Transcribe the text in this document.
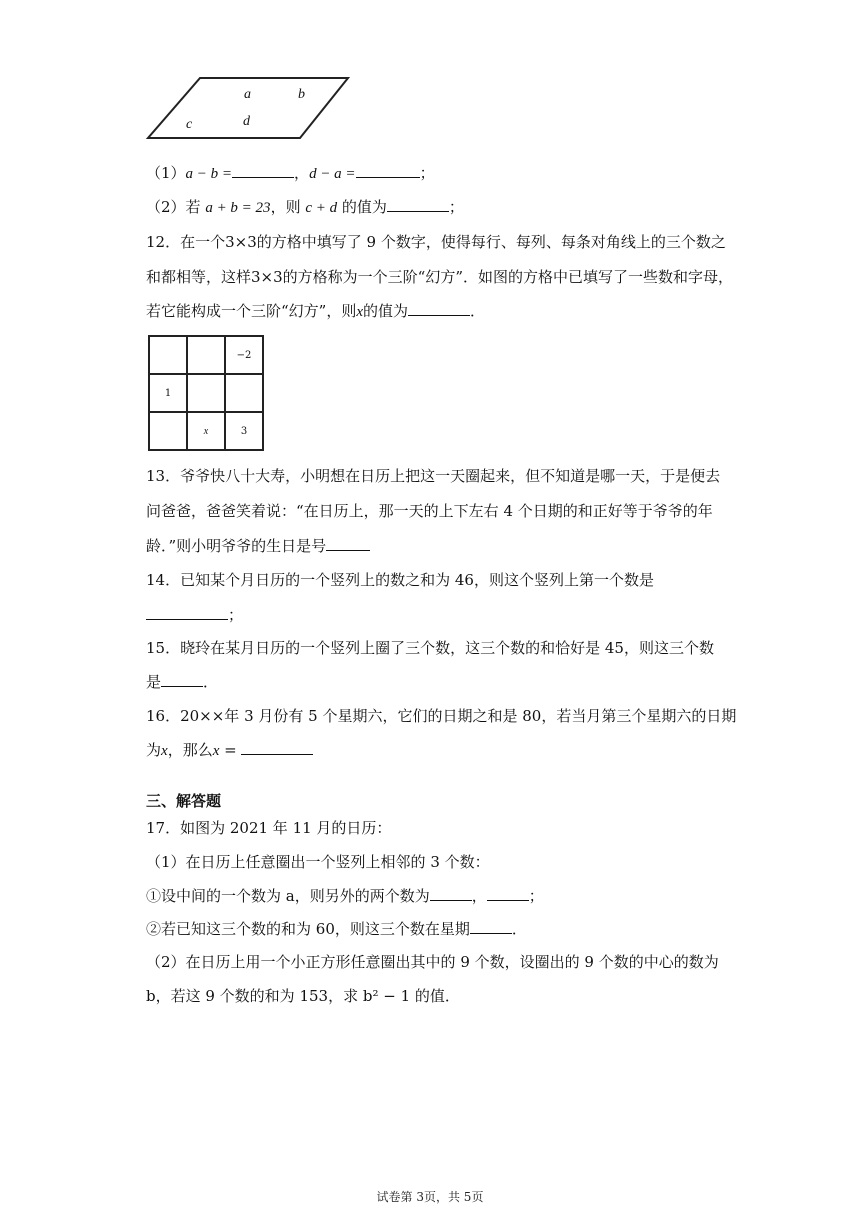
a	b
c	d
（1）a − b =	，d − a =	；
（2）若 a + b = 23，则 c + d 的值为	；
12．在一个3×3的方格中填写了 9 个数字，使得每行、每列、每条对角线上的三个数之
和都相等，这样3×3的方格称为一个三阶“幻方”．如图的方格中已填写了一些数和字母，
若它能构成一个三阶“幻方”，则x的值为	．
		−2
1		
	x	3
13．爷爷快八十大寿，小明想在日历上把这一天圈起来，但不知道是哪一天，于是便去
问爸爸，爸爸笑着说：“在日历上，那一天的上下左右 4 个日期的和正好等于爷爷的年
龄．”则小明爷爷的生日是号
14．已知某个月日历的一个竖列上的数之和为 46，则这个竖列上第一个数是
；
15．晓玲在某月日历的一个竖列上圈了三个数，这三个数的和恰好是 45，则这三个数
是	．
16．20××年 3 月份有 5 个星期六，它们的日期之和是 80，若当月第三个星期六的日期
为x，那么x =
三、解答题
17．如图为 2021 年 11 月的日历：
（1）在日历上任意圈出一个竖列上相邻的 3 个数：
①设中间的一个数为 a，则另外的两个数为	，	；
②若已知这三个数的和为 60，则这三个数在星期	．
（2）在日历上用一个小正方形任意圈出其中的 9 个数，设圈出的 9 个数的中心的数为
b，若这 9 个数的和为 153，求 b² − 1 的值．
试卷第 3页，共 5页
